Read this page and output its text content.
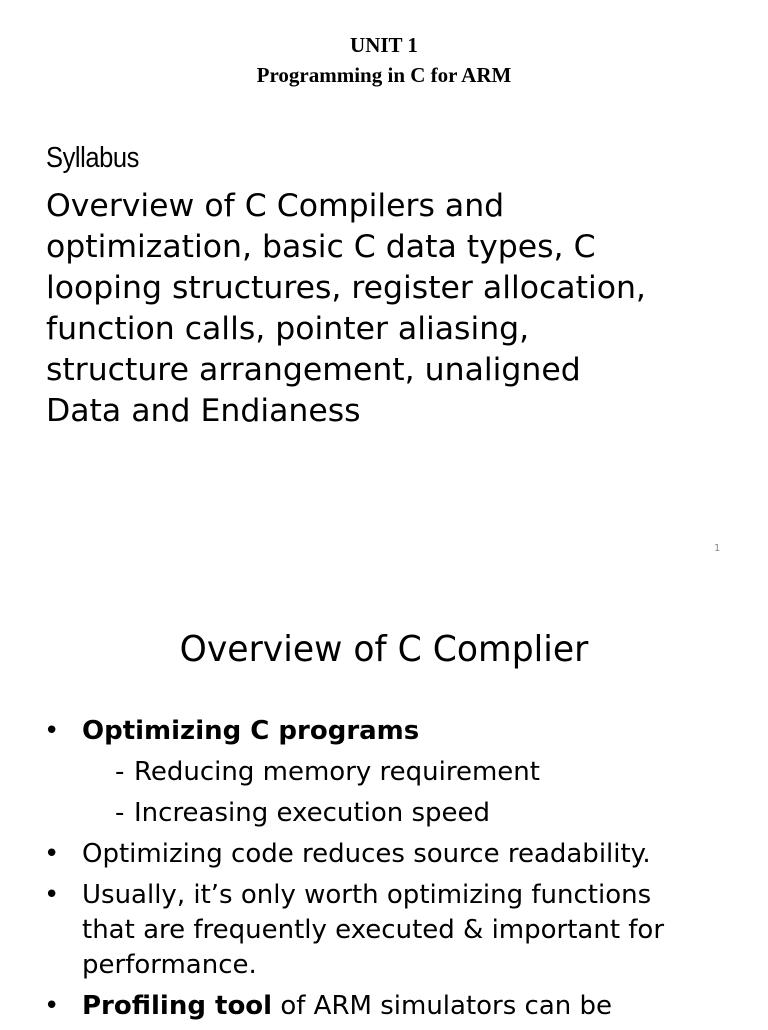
UNIT 1
Programming in C for ARM
Syllabus
Overview of C Compilers and
optimization, basic C data types, C
looping structures, register allocation,
function calls, pointer aliasing,
structure arrangement, unaligned
Data and Endianess
1
Overview of C Complier
• Optimizing C programs
- Reducing memory requirement
- Increasing execution speed
• Optimizing code reduces source readability.
• Usually, it’s only worth optimizing functions
that are frequently executed & important for
performance.
• Profiling tool of ARM simulators can be
